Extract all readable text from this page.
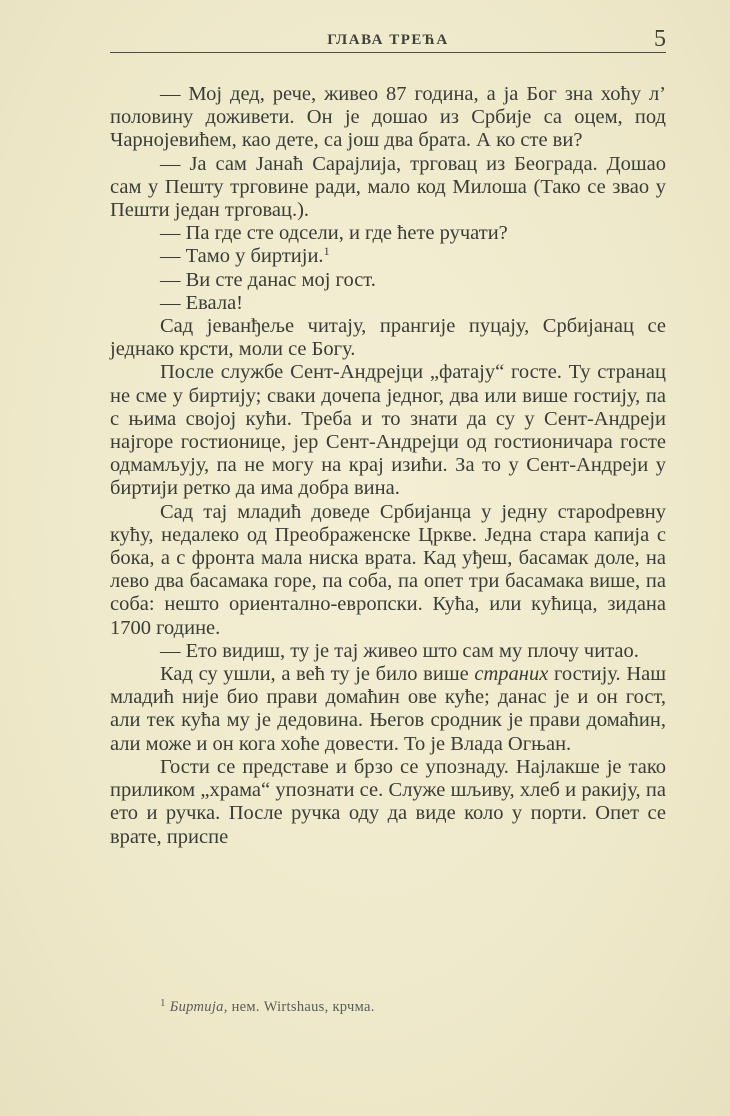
ГЛАВА ТРЕЋА	5

— Мој дед, рече, живео 87 година, а ја Бог зна хоћу л’ половину доживети. Он је дошао из Србије са оцем, под Чарнојевићем, као дете, са још два брата. А ко сте ви?

— Ја сам Јанаћ Сарајлија, трговац из Београда. Дошао сам у Пешту трговине ради, мало код Милоша (Тако се звао у Пешти један трговац.).

— Па где сте одсели, и где ћете ручати?

— Тамо у биртији.$^1$

— Ви сте данас мој гост.

— Евала!

Сад јеванђеље читају, прангије пуцају, Србијанац се једнако крсти, моли се Богу.

После службе Сент-Андрејци „фатају“ госте. Ту странац не сме у биртију; сваки дочепа једног, два или више гостију, па с њима својој кући. Треба и то знати да су у Сент-Андреји најгоре гостионице, јер Сент-Андрејци од гостионичара госте одмамљују, па не могу на крај изићи. За то у Сент-Андреји у биртији ретко да има добра вина.

Сад тај младић доведе Србијанца у једну староdревну кућу, недалеко од Преображенске Цркве. Једна стара капија с бока, а с фронта мала ниска врата. Кад уђеш, басамак доле, на лево два басамака горе, па соба, па опет три басамака више, па соба: нешто ориентално-европски. Кућа, или кућица, зидана 1700 године.

— Ето видиш, ту је тај живео што сам му плочу читао.

Кад су ушли, а већ ту је било више страних гостију. Наш младић није био прави домаћин ове куће; данас је и он гост, али тек кућа му је дедовина. Његов сродник је прави домаћин, али може и он кога хоће довести. То је Влада Огњан.

Гости се представе и брзо се упознаду. Најлакше је тако приликом „храма“ упознати се. Служе шљиву, хлеб и ракију, па ето и ручка. После ручка оду да виде коло у порти. Опет се врате, приспе

$^1$ Биртија, нем. Wirtshaus, крчма.
